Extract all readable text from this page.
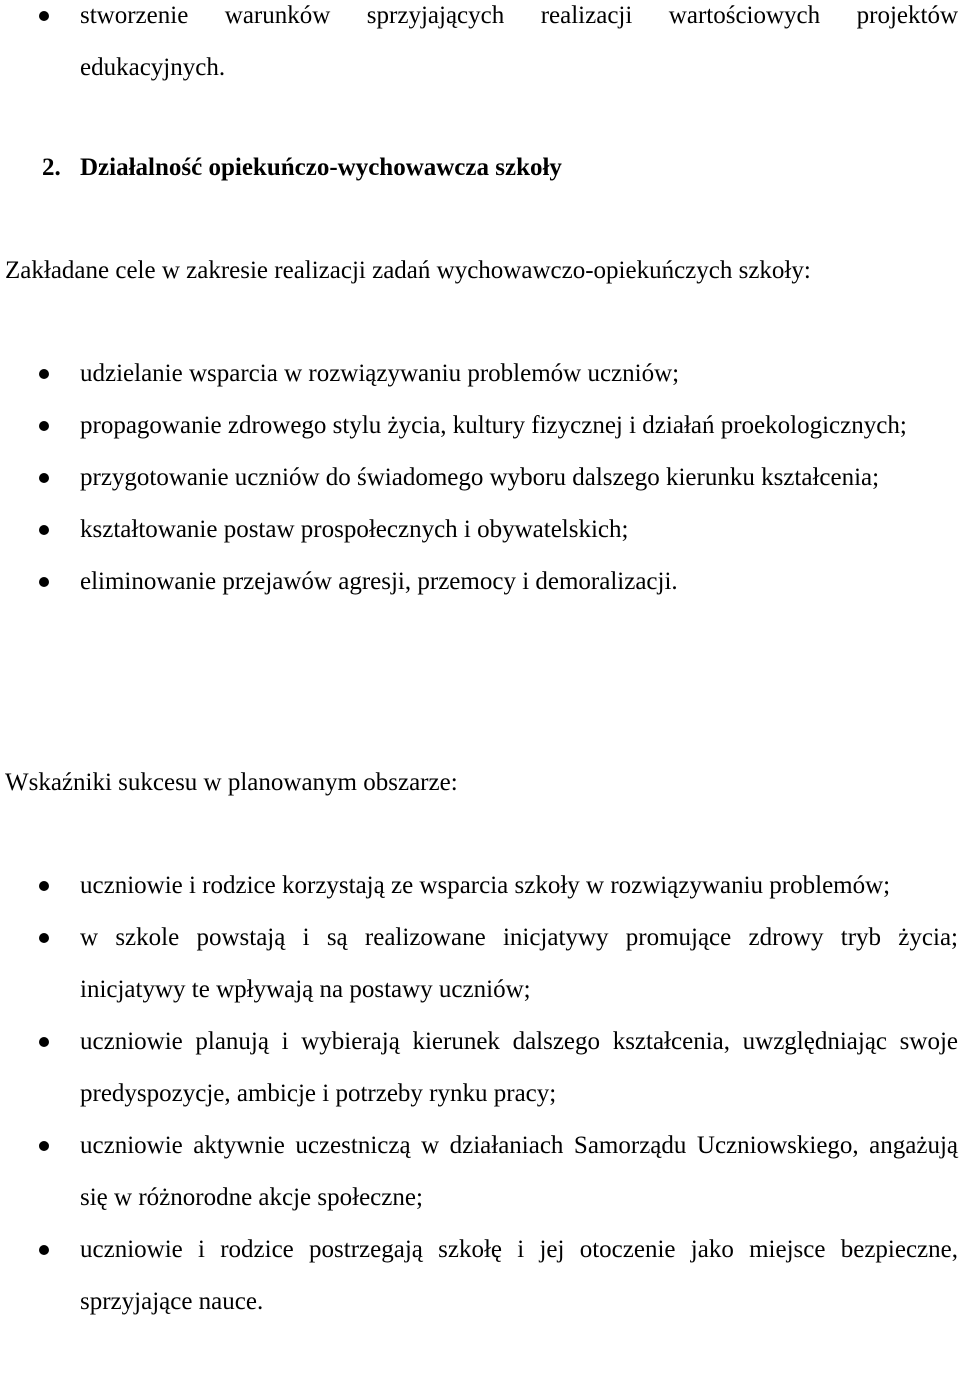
stworzenie warunków sprzyjających realizacji wartościowych projektów edukacyjnych.

2. Działalność opiekuńczo-wychowawcza szkoły

Zakładane cele w zakresie realizacji zadań wychowawczo-opiekuńczych szkoły:

udzielanie wsparcia w rozwiązywaniu problemów uczniów;
propagowanie zdrowego stylu życia, kultury fizycznej i działań proekologicznych;
przygotowanie uczniów do świadomego wyboru dalszego kierunku kształcenia;
kształtowanie postaw prospołecznych i obywatelskich;
eliminowanie przejawów agresji, przemocy i demoralizacji.

Wskaźniki sukcesu w planowanym obszarze:

uczniowie i rodzice korzystają ze wsparcia szkoły w rozwiązywaniu problemów;
w szkole powstają i są realizowane inicjatywy promujące zdrowy tryb życia; inicjatywy te wpływają na postawy uczniów;
uczniowie planują i wybierają kierunek dalszego kształcenia, uwzględniając swoje predyspozycje, ambicje i potrzeby rynku pracy;
uczniowie aktywnie uczestniczą w działaniach Samorządu Uczniowskiego, angażują się w różnorodne akcje społeczne;
uczniowie i rodzice postrzegają szkołę i jej otoczenie jako miejsce bezpieczne, sprzyjające nauce.
